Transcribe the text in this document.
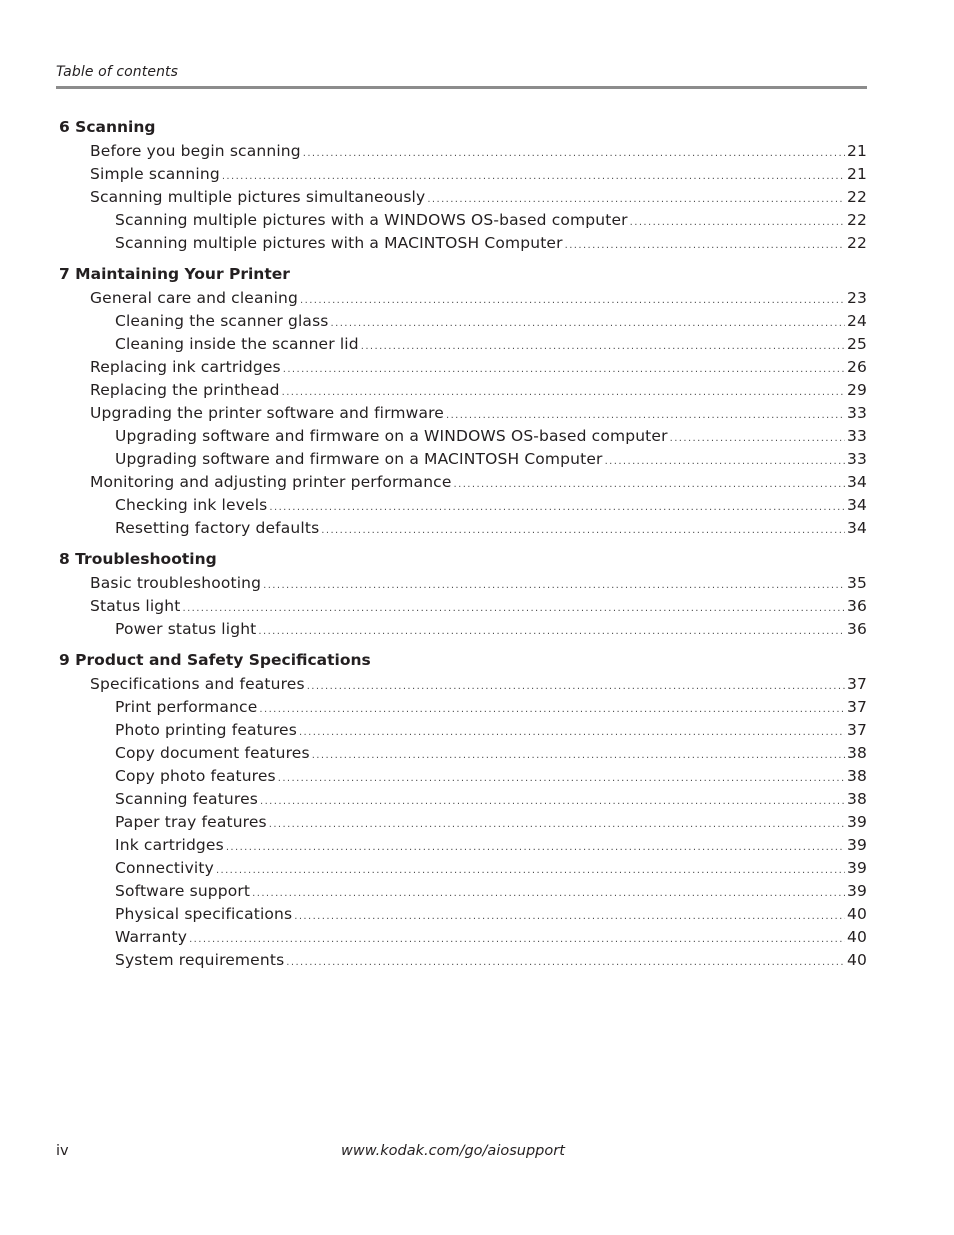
Table of contents
6 Scanning
Before you begin scanning .....	21
Simple scanning .....	21
Scanning multiple pictures simultaneously .....	22
Scanning multiple pictures with a WINDOWS OS-based computer .....	22
Scanning multiple pictures with a MACINTOSH Computer .....	22
7 Maintaining Your Printer
General care and cleaning .....	23
Cleaning the scanner glass .....	24
Cleaning inside the scanner lid .....	25
Replacing ink cartridges .....	26
Replacing the printhead .....	29
Upgrading the printer software and firmware .....	33
Upgrading software and firmware on a WINDOWS OS-based computer .....	33
Upgrading software and firmware on a MACINTOSH Computer .....	33
Monitoring and adjusting printer performance .....	34
Checking ink levels .....	34
Resetting factory defaults .....	34
8 Troubleshooting
Basic troubleshooting .....	35
Status light .....	36
Power status light .....	36
9 Product and Safety Specifications
Specifications and features .....	37
Print performance .....	37
Photo printing features .....	37
Copy document features .....	38
Copy photo features .....	38
Scanning features .....	38
Paper tray features .....	39
Ink cartridges .....	39
Connectivity .....	39
Software support .....	39
Physical specifications .....	40
Warranty .....	40
System requirements .....	40
iv	www.kodak.com/go/aiosupport
